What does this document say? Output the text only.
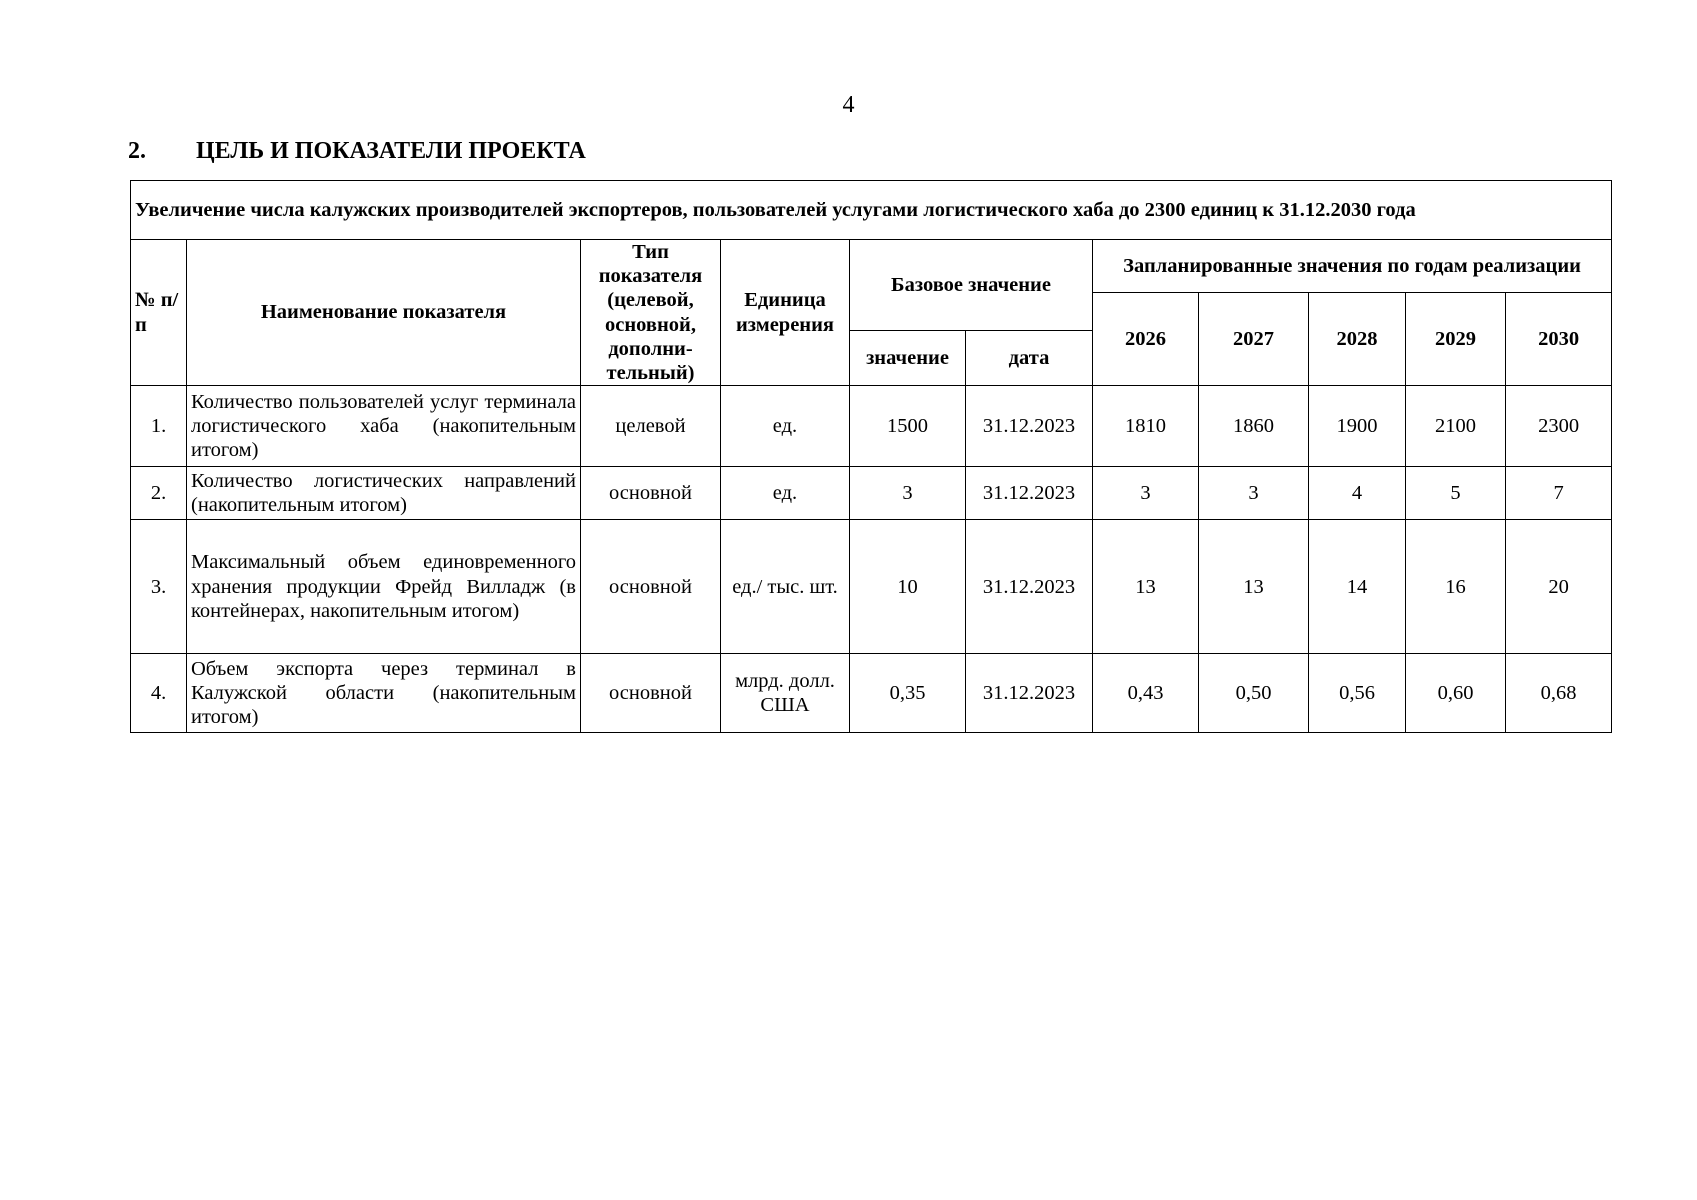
4
2. ЦЕЛЬ И ПОКАЗАТЕЛИ ПРОЕКТА
Увеличение числа калужских производителей экспортеров, пользователей услугами логистического хаба до 2300 единиц к 31.12.2030 года										
№ п/п	Наименование показателя	Тип показателя (целевой, основной, дополни-тельный)	Единица измерения	Базовое значение		Запланированные значения по годам реализации				
						2026	2027	2028	2029	2030
				значение	дата					
1.	Количество пользователей услуг терминала логистического хаба (накопительным итогом)	целевой	ед.	1500	31.12.2023	1810	1860	1900	2100	2300
2.	Количество логистических направлений (накопительным итогом)	основной	ед.	3	31.12.2023	3	3	4	5	7
3.	Максимальный объем единовременного хранения продукции Фрейд Вилладж (в контейнерах, накопительным итогом)	основной	ед./ тыс. шт.	10	31.12.2023	13	13	14	16	20
4.	Объем экспорта через терминал в Калужской области (накопительным итогом)	основной	млрд. долл. США	0,35	31.12.2023	0,43	0,50	0,56	0,60	0,68
